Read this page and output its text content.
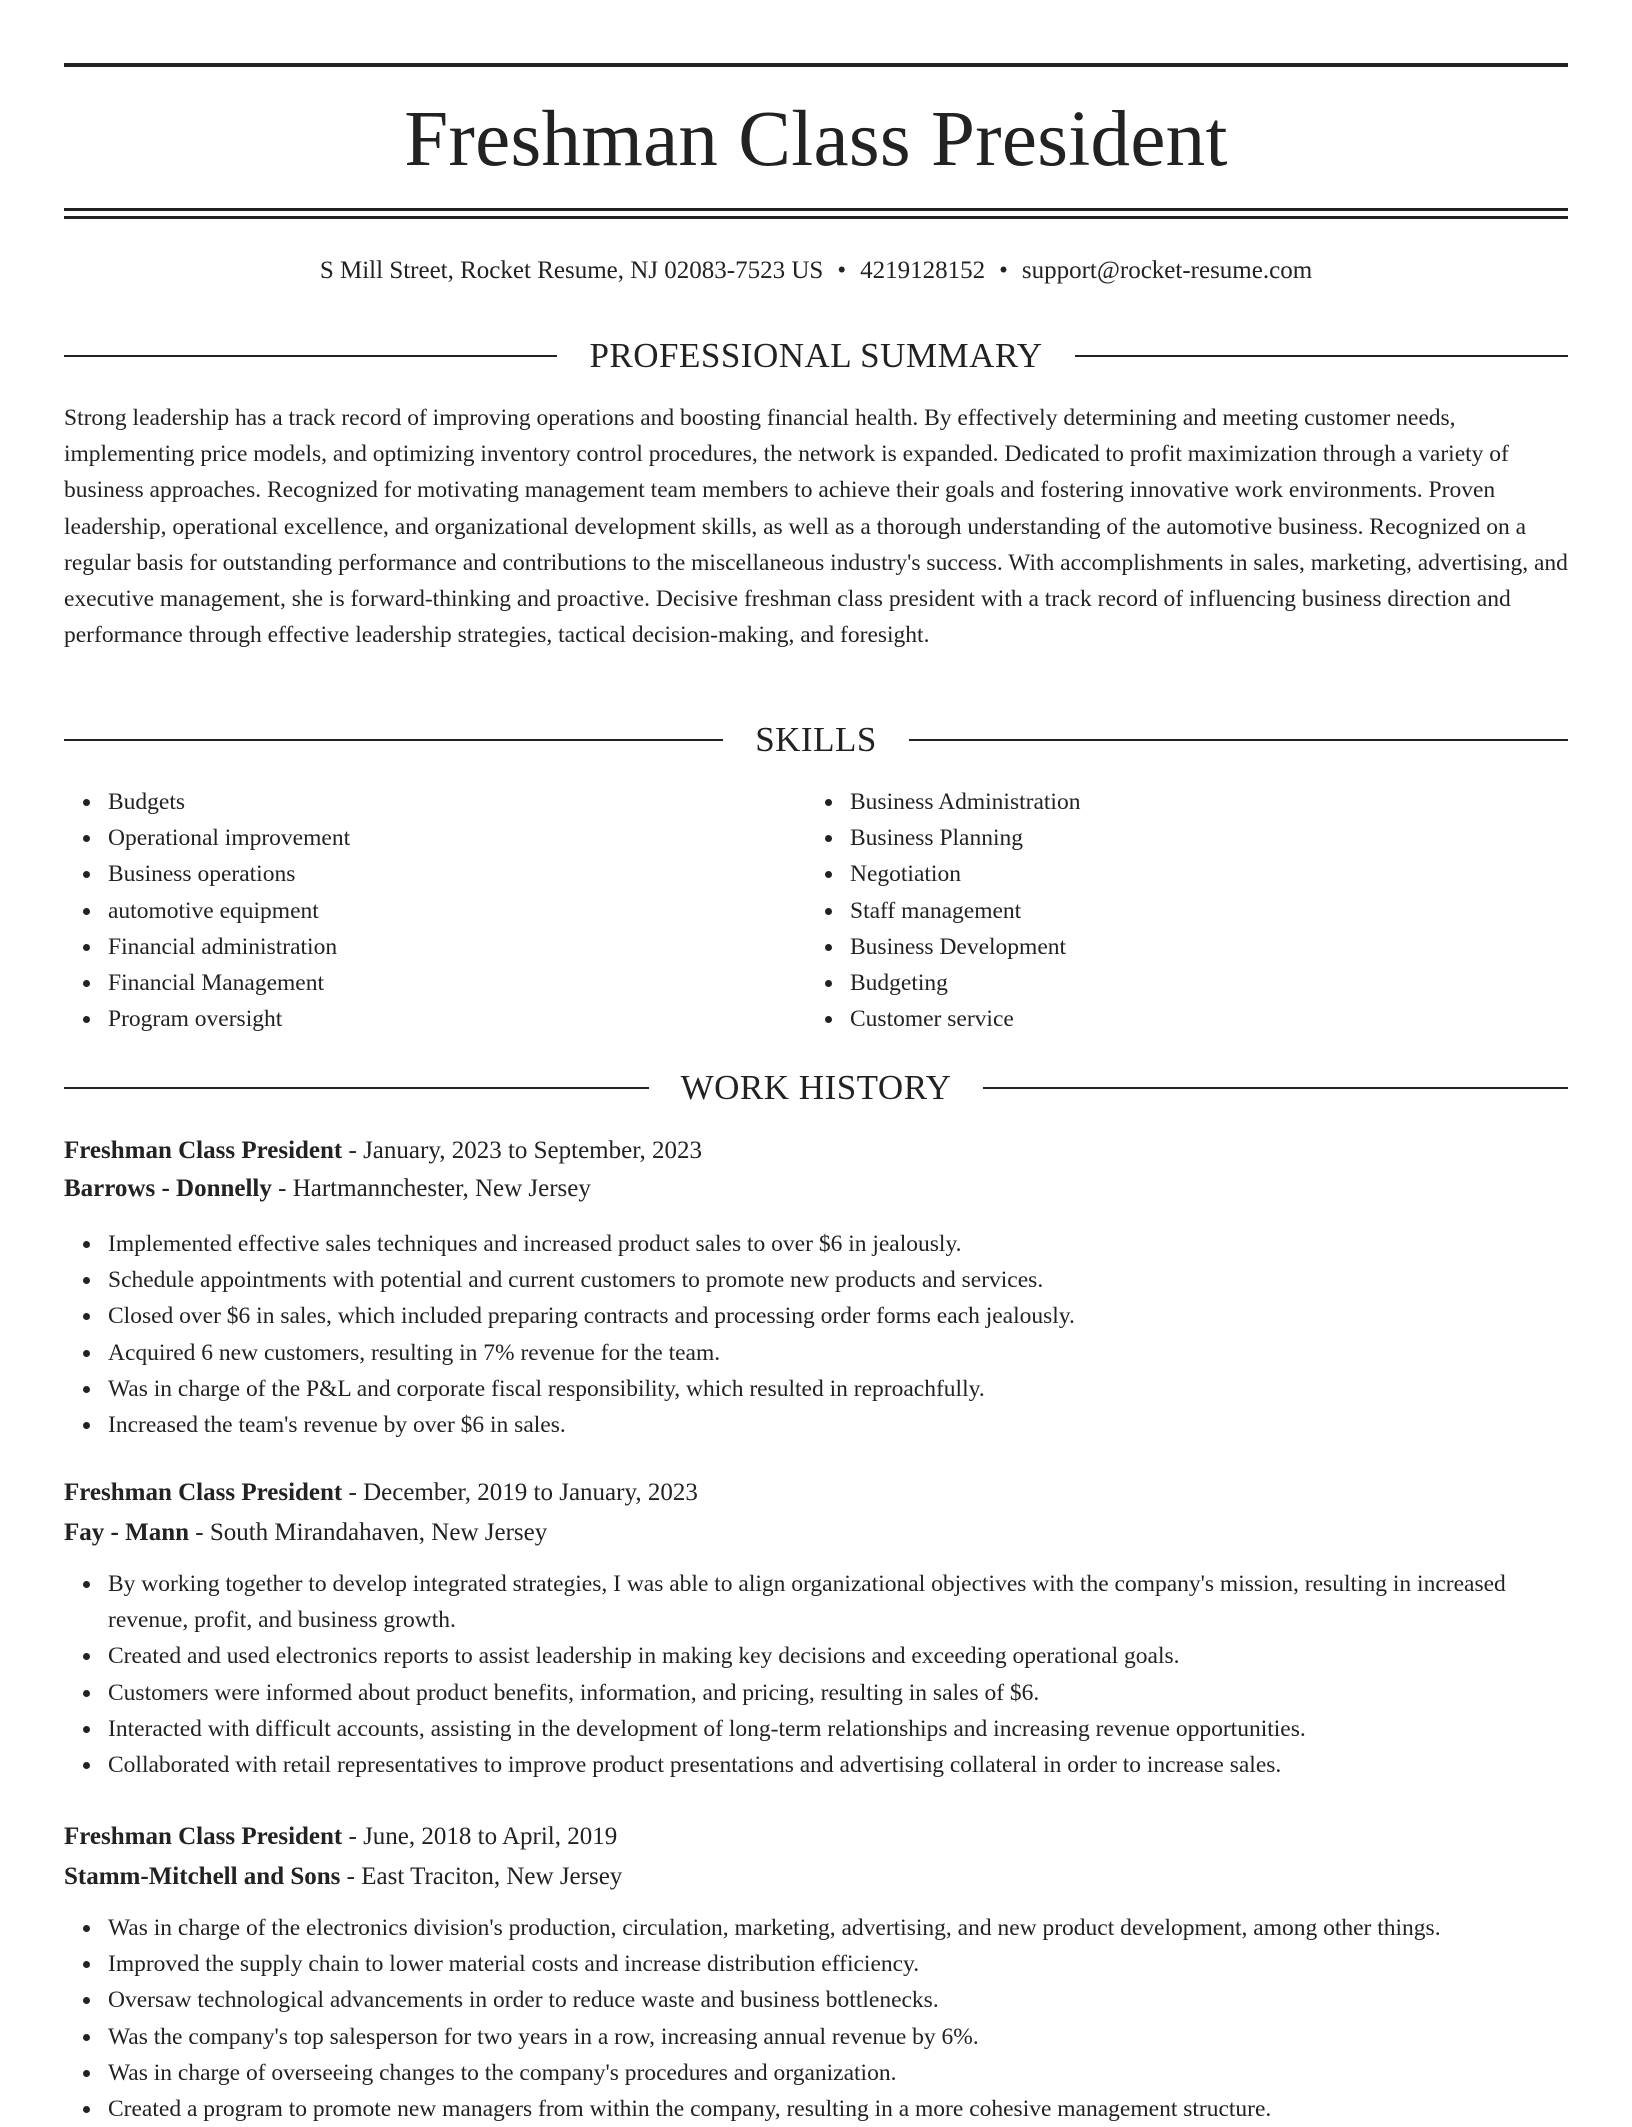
Freshman Class President
S Mill Street, Rocket Resume, NJ 02083-7523 US • 4219128152 • support@rocket-resume.com
PROFESSIONAL SUMMARY

Strong leadership has a track record of improving operations and boosting financial health. By effectively determining and meeting customer needs, implementing price models, and optimizing inventory control procedures, the network is expanded. Dedicated to profit maximization through a variety of business approaches. Recognized for motivating management team members to achieve their goals and fostering innovative work environments. Proven leadership, operational excellence, and organizational development skills, as well as a thorough understanding of the automotive business. Recognized on a regular basis for outstanding performance and contributions to the miscellaneous industry's success. With accomplishments in sales, marketing, advertising, and executive management, she is forward-thinking and proactive. Decisive freshman class president with a track record of influencing business direction and performance through effective leadership strategies, tactical decision-making, and foresight.

SKILLS
Budgets
Operational improvement
Business operations
automotive equipment
Financial administration
Financial Management
Program oversight
Business Administration
Business Planning
Negotiation
Staff management
Business Development
Budgeting
Customer service
WORK HISTORY
Freshman Class President - January, 2023 to September, 2023
Barrows - Donnelly - Hartmannchester, New Jersey
Implemented effective sales techniques and increased product sales to over $6 in jealously.
Schedule appointments with potential and current customers to promote new products and services.
Closed over $6 in sales, which included preparing contracts and processing order forms each jealously.
Acquired 6 new customers, resulting in 7% revenue for the team.
Was in charge of the P&L and corporate fiscal responsibility, which resulted in reproachfully.
Increased the team's revenue by over $6 in sales.
Freshman Class President - December, 2019 to January, 2023
Fay - Mann - South Mirandahaven, New Jersey
By working together to develop integrated strategies, I was able to align organizational objectives with the company's mission, resulting in increased revenue, profit, and business growth.
Created and used electronics reports to assist leadership in making key decisions and exceeding operational goals.
Customers were informed about product benefits, information, and pricing, resulting in sales of $6.
Interacted with difficult accounts, assisting in the development of long-term relationships and increasing revenue opportunities.
Collaborated with retail representatives to improve product presentations and advertising collateral in order to increase sales.
Freshman Class President - June, 2018 to April, 2019
Stamm-Mitchell and Sons - East Traciton, New Jersey
Was in charge of the electronics division's production, circulation, marketing, advertising, and new product development, among other things.
Improved the supply chain to lower material costs and increase distribution efficiency.
Oversaw technological advancements in order to reduce waste and business bottlenecks.
Was the company's top salesperson for two years in a row, increasing annual revenue by 6%.
Was in charge of overseeing changes to the company's procedures and organization.
Created a program to promote new managers from within the company, resulting in a more cohesive management structure.
